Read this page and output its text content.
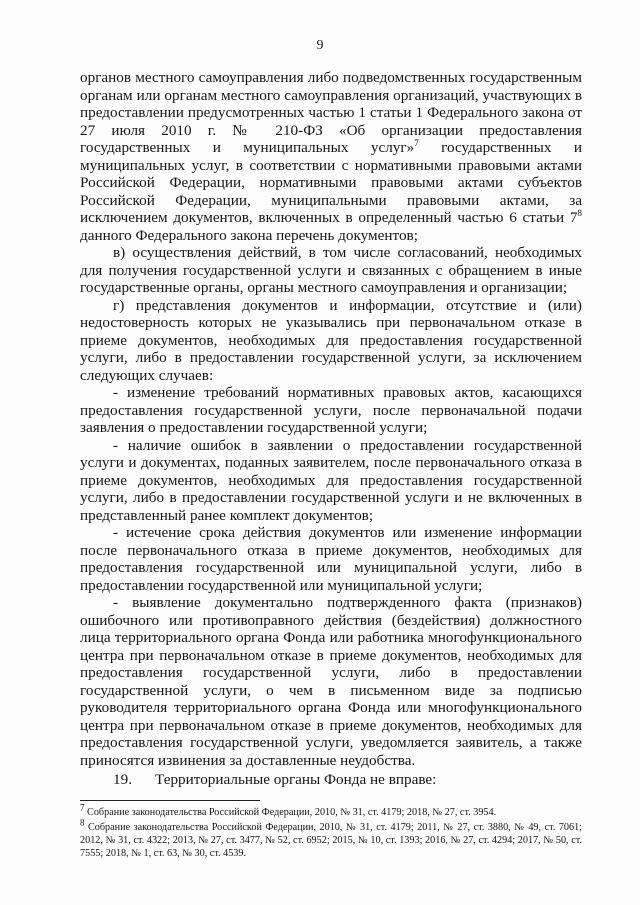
9

органов местного самоуправления либо подведомственных государственным органам или органам местного самоуправления организаций, участвующих в предоставлении предусмотренных частью 1 статьи 1 Федерального закона от 27 июля 2010 г. № 210-ФЗ «Об организации предоставления государственных и муниципальных услуг»$^7$ государственных и муниципальных услуг, в соответствии с нормативными правовыми актами Российской Федерации, нормативными правовыми актами субъектов Российской Федерации, муниципальными правовыми актами, за исключением документов, включенных в определенный частью 6 статьи $7^8$ данного Федерального закона перечень документов;

в) осуществления действий, в том числе согласований, необходимых для получения государственной услуги и связанных с обращением в иные государственные органы, органы местного самоуправления и организации;

г) представления документов и информации, отсутствие и (или) недостоверность которых не указывались при первоначальном отказе в приеме документов, необходимых для предоставления государственной услуги, либо в предоставлении государственной услуги, за исключением следующих случаев:

- изменение требований нормативных правовых актов, касающихся предоставления государственной услуги, после первоначальной подачи заявления о предоставлении государственной услуги;

- наличие ошибок в заявлении о предоставлении государственной услуги и документах, поданных заявителем, после первоначального отказа в приеме документов, необходимых для предоставления государственной услуги, либо в предоставлении государственной услуги и не включенных в представленный ранее комплект документов;

- истечение срока действия документов или изменение информации после первоначального отказа в приеме документов, необходимых для предоставления государственной или муниципальной услуги, либо в предоставлении государственной или муниципальной услуги;

- выявление документально подтвержденного факта (признаков) ошибочного или противоправного действия (бездействия) должностного лица территориального органа Фонда или работника многофункционального центра при первоначальном отказе в приеме документов, необходимых для предоставления государственной услуги, либо в предоставлении государственной услуги, о чем в письменном виде за подписью руководителя территориального органа Фонда или многофункционального центра при первоначальном отказе в приеме документов, необходимых для предоставления государственной услуги, уведомляется заявитель, а также приносятся извинения за доставленные неудобства.

19. Территориальные органы Фонда не вправе:

$^7$ Собрание законодательства Российской Федерации, 2010, № 31, ст. 4179; 2018, № 27, ст. 3954.

$^8$ Собрание законодательства Российской Федерации, 2010, № 31, ст. 4179; 2011, № 27, ст. 3880, № 49, ст. 7061; 2012, № 31, ст. 4322; 2013, № 27, ст. 3477, № 52, ст. 6952; 2015, № 10, ст. 1393; 2016, № 27, ст. 4294; 2017, № 50, ст. 7555; 2018, № 1, ст. 63, № 30, ст. 4539.
